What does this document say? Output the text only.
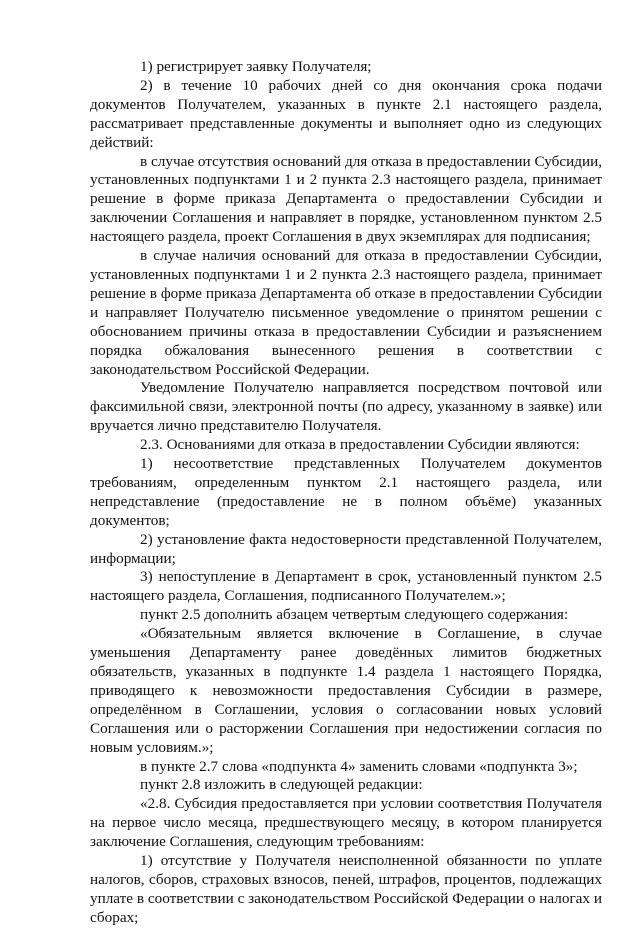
1) регистрирует заявку Получателя;

2) в течение 10 рабочих дней со дня окончания срока подачи документов Получателем, указанных в пункте 2.1 настоящего раздела, рассматривает представленные документы и выполняет одно из следующих действий:

в случае отсутствия оснований для отказа в предоставлении Субсидии, установленных подпунктами 1 и 2 пункта 2.3 настоящего раздела, принимает решение в форме приказа Департамента о предоставлении Субсидии и заключении Соглашения и направляет в порядке, установленном пунктом 2.5 настоящего раздела, проект Соглашения в двух экземплярах для подписания;

в случае наличия оснований для отказа в предоставлении Субсидии, установленных подпунктами 1 и 2 пункта 2.3 настоящего раздела, принимает решение в форме приказа Департамента об отказе в предоставлении Субсидии и направляет Получателю письменное уведомление о принятом решении с обоснованием причины отказа в предоставлении Субсидии и разъяснением порядка обжалования вынесенного решения в соответствии с законодательством Российской Федерации.

Уведомление Получателю направляется посредством почтовой или факсимильной связи, электронной почты (по адресу, указанному в заявке) или вручается лично представителю Получателя.

2.3. Основаниями для отказа в предоставлении Субсидии являются:

1) несоответствие представленных Получателем документов требованиям, определенным пунктом 2.1 настоящего раздела, или непредставление (предоставление не в полном объёме) указанных документов;

2) установление факта недостоверности представленной Получателем, информации;

3) непоступление в Департамент в срок, установленный пунктом 2.5 настоящего раздела, Соглашения, подписанного Получателем.»;

пункт 2.5 дополнить абзацем четвертым следующего содержания:

«Обязательным является включение в Соглашение, в случае уменьшения Департаменту ранее доведённых лимитов бюджетных обязательств, указанных в подпункте 1.4 раздела 1 настоящего Порядка, приводящего к невозможности предоставления Субсидии в размере, определённом в Соглашении, условия о согласовании новых условий Соглашения или о расторжении Соглашения при недостижении согласия по новым условиям.»;

в пункте 2.7 слова «подпункта 4» заменить словами «подпункта 3»;

пункт 2.8 изложить в следующей редакции:

«2.8. Субсидия предоставляется при условии соответствия Получателя на первое число месяца, предшествующего месяцу, в котором планируется заключение Соглашения, следующим требованиям:

1) отсутствие у Получателя неисполненной обязанности по уплате налогов, сборов, страховых взносов, пеней, штрафов, процентов, подлежащих уплате в соответствии с законодательством Российской Федерации о налогах и сборах;
